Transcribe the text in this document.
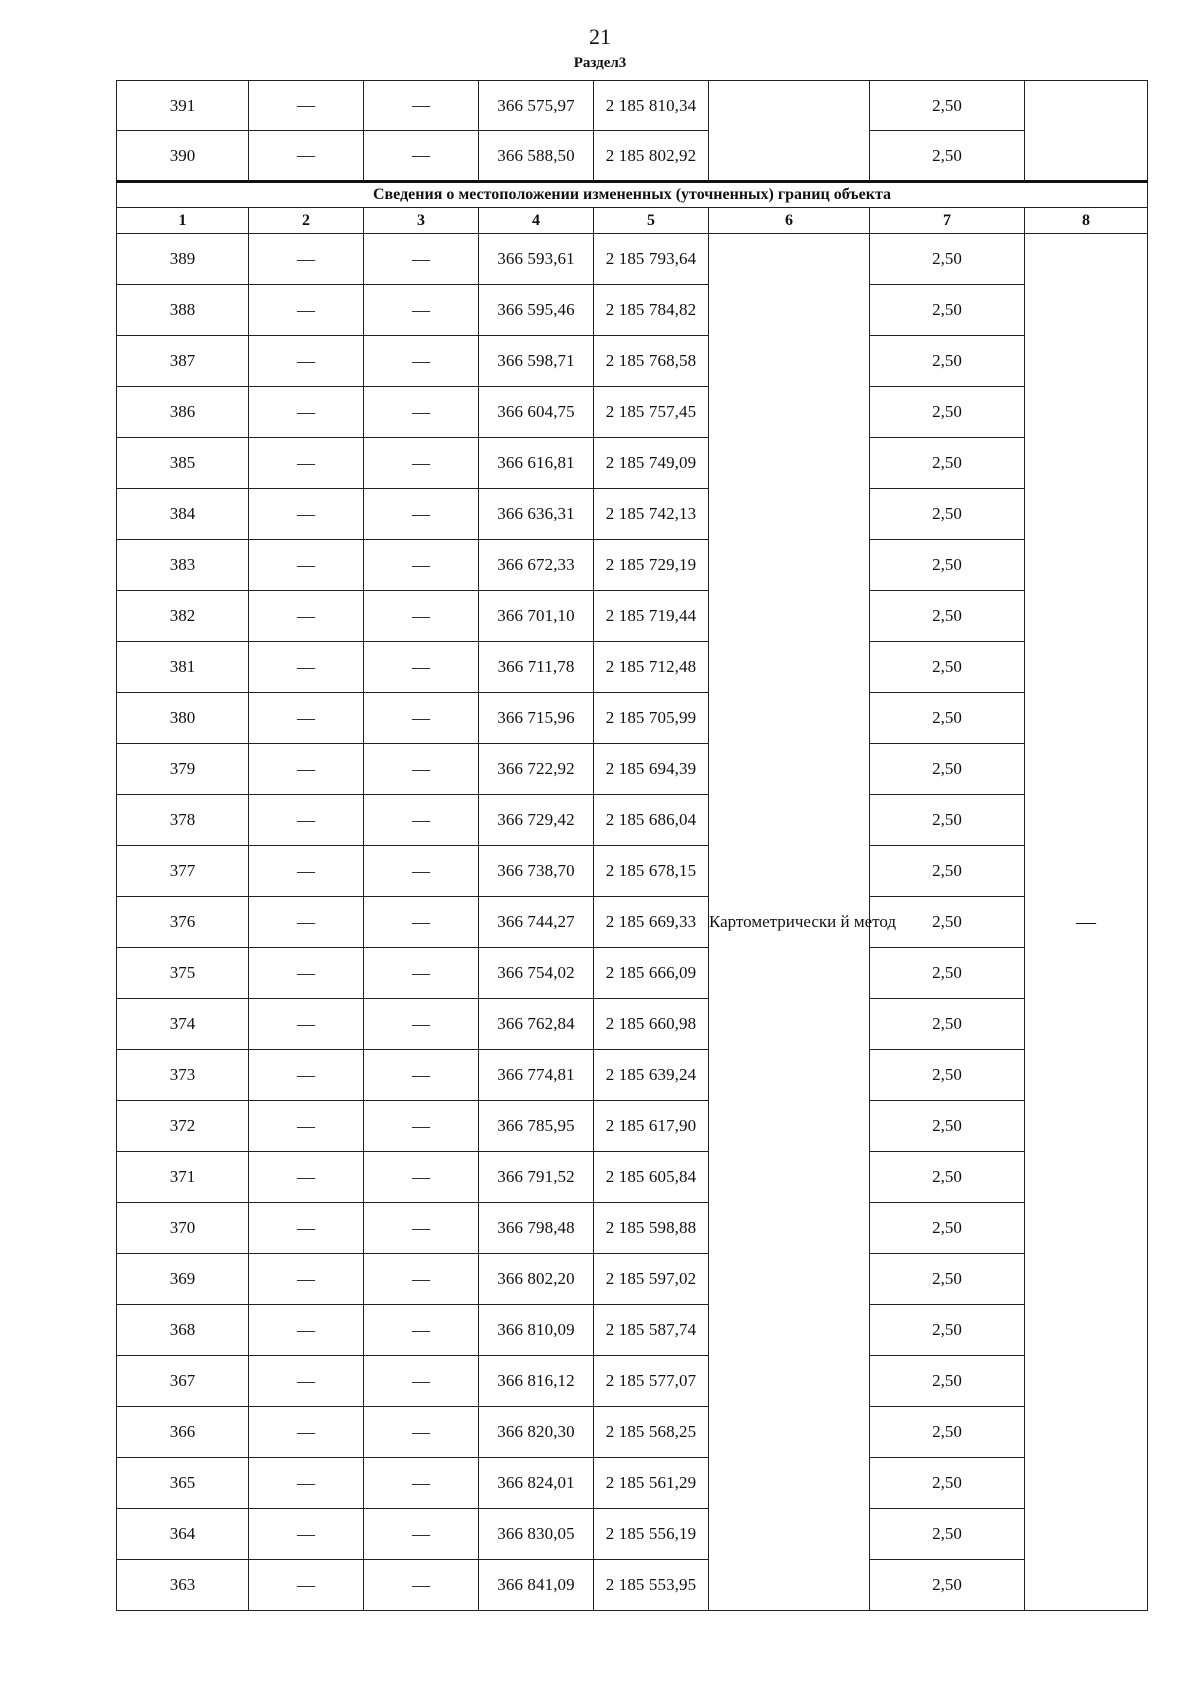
21
Раздел3
391	—	—	366 575,97	2 185 810,34		2,50	
390	—	—	366 588,50	2 185 802,92		2,50	
Сведения о местоположении измененных (уточненных) границ объекта							
1	2	3	4	5	6	7	8
389	—	—	366 593,61	2 185 793,64	Картометрически й метод	2,50	—
388	—	—	366 595,46	2 185 784,82		2,50	
387	—	—	366 598,71	2 185 768,58		2,50	
386	—	—	366 604,75	2 185 757,45		2,50	
385	—	—	366 616,81	2 185 749,09		2,50	
384	—	—	366 636,31	2 185 742,13		2,50	
383	—	—	366 672,33	2 185 729,19		2,50	
382	—	—	366 701,10	2 185 719,44		2,50	
381	—	—	366 711,78	2 185 712,48		2,50	
380	—	—	366 715,96	2 185 705,99		2,50	
379	—	—	366 722,92	2 185 694,39		2,50	
378	—	—	366 729,42	2 185 686,04		2,50	
377	—	—	366 738,70	2 185 678,15		2,50	
376	—	—	366 744,27	2 185 669,33		2,50	
375	—	—	366 754,02	2 185 666,09		2,50	
374	—	—	366 762,84	2 185 660,98		2,50	
373	—	—	366 774,81	2 185 639,24		2,50	
372	—	—	366 785,95	2 185 617,90		2,50	
371	—	—	366 791,52	2 185 605,84		2,50	
370	—	—	366 798,48	2 185 598,88		2,50	
369	—	—	366 802,20	2 185 597,02		2,50	
368	—	—	366 810,09	2 185 587,74		2,50	
367	—	—	366 816,12	2 185 577,07		2,50	
366	—	—	366 820,30	2 185 568,25		2,50	
365	—	—	366 824,01	2 185 561,29		2,50	
364	—	—	366 830,05	2 185 556,19		2,50	
363	—	—	366 841,09	2 185 553,95		2,50	
